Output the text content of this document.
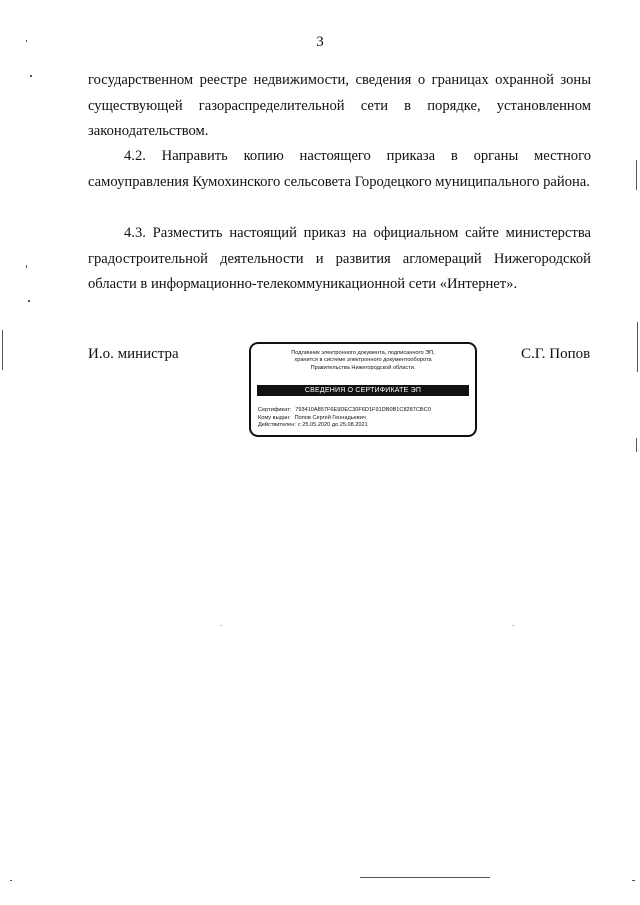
3
государственном реестре недвижимости, сведения о границах охранной зоны существующей газораспределительной сети в порядке, установленном законодательством.
4.2. Направить копию настоящего приказа в органы местного самоуправления Кумохинского сельсовета Городецкого муниципального района.
4.3. Разместить настоящий приказ на официальном сайте министерства градостроительной деятельности и развития агломераций Нижегородской области в информационно-телекоммуникационной сети «Интернет».
И.о. министра	С.Г. Попов
Подлинник электронного документа, подписанного ЭП,
хранится в системе электронного документооборота
Правительства Нижегородской области.
СВЕДЕНИЯ О СЕРТИФИКАТЕ ЭП
Сертификат: 793410A857F6E9DEC30F6D1F91DB0B1C8287CBC0
Кому выдан: Попов Сергей Геннадьевич
Действителен: с 25.05.2020 до 25.08.2021
